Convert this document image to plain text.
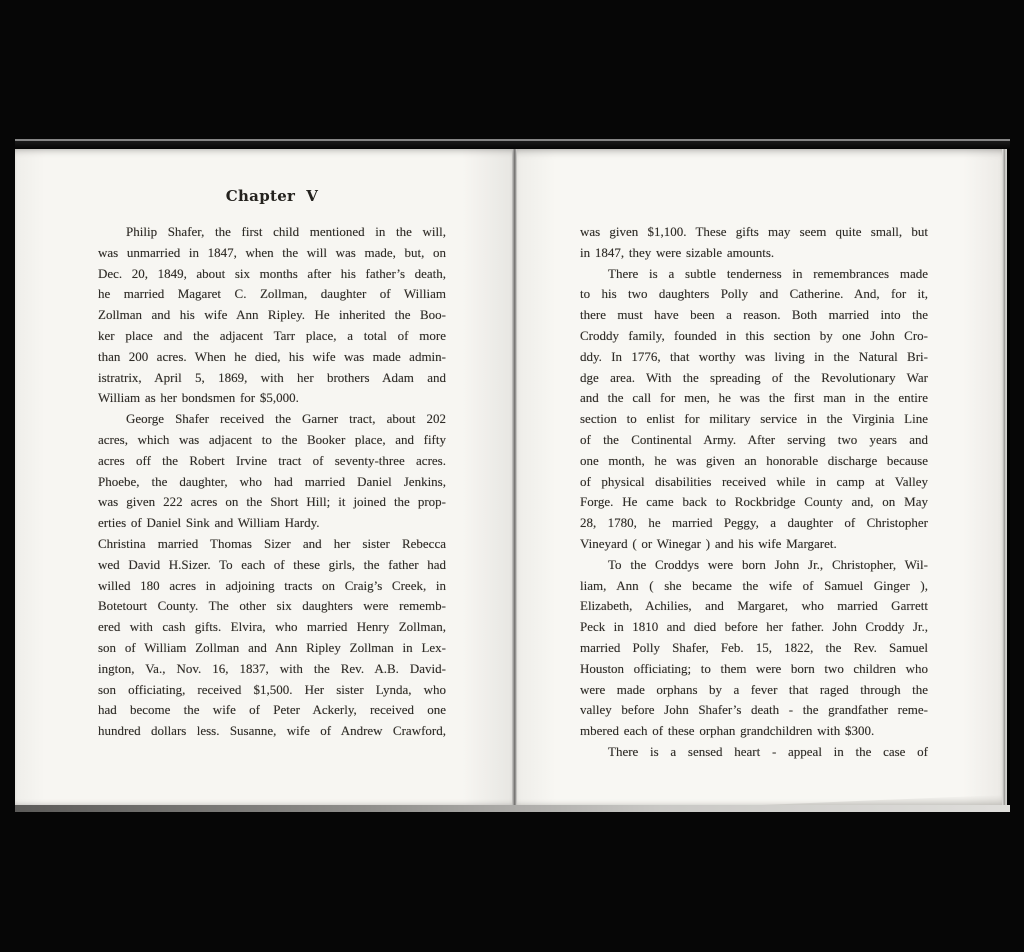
Chapter  V
Philip Shafer, the first child mentioned in the will,
was unmarried in 1847, when the will was made, but, on
Dec. 20, 1849, about six months after his father’s death,
he married Magaret C. Zollman, daughter of William
Zollman and his wife Ann Ripley. He inherited the Boo-
ker place and the adjacent Tarr place, a total of more
than 200 acres. When he died, his wife was made admin-
istratrix, April 5, 1869, with her brothers Adam and
William as her bondsmen for $5,000.
George Shafer received the Garner tract, about 202
acres, which was adjacent to the Booker place, and fifty
acres off the Robert Irvine tract of seventy-three acres.
Phoebe, the daughter, who had married Daniel Jenkins,
was given 222 acres on the Short Hill; it joined the prop-
erties of Daniel Sink and William Hardy.
Christina married Thomas Sizer and her sister Rebecca
wed David H.Sizer. To each of these girls, the father had
willed 180 acres in adjoining tracts on Craig’s Creek, in
Botetourt County. The other six daughters were rememb-
ered with cash gifts. Elvira, who married Henry Zollman,
son of William Zollman and Ann Ripley Zollman in Lex-
ington, Va., Nov. 16, 1837, with the Rev. A.B. David-
son officiating, received $1,500. Her sister Lynda, who
had become the wife of Peter Ackerly, received one
hundred dollars less. Susanne, wife of Andrew Crawford,
was given $1,100. These gifts may seem quite small, but
in 1847, they were sizable amounts.
There is a subtle tenderness in remembrances made
to his two daughters Polly and Catherine. And, for it,
there must have been a reason. Both married into the
Croddy family, founded in this section by one John Cro-
ddy. In 1776, that worthy was living in the Natural Bri-
dge area. With the spreading of the Revolutionary War
and the call for men, he was the first man in the entire
section to enlist for military service in the Virginia Line
of the Continental Army. After serving two years and
one month, he was given an honorable discharge because
of physical disabilities received while in camp at Valley
Forge. He came back to Rockbridge County and, on May
28, 1780, he married Peggy, a daughter of Christopher
Vineyard ( or Winegar ) and his wife Margaret.
To the Croddys were born John Jr., Christopher, Wil-
liam, Ann ( she became the wife of Samuel Ginger ),
Elizabeth, Achilies, and Margaret, who married Garrett
Peck in 1810 and died before her father. John Croddy Jr.,
married Polly Shafer, Feb. 15, 1822, the Rev. Samuel
Houston officiating; to them were born two children who
were made orphans by a fever that raged through the
valley before John Shafer’s death - the grandfather reme-
mbered each of these orphan grandchildren with $300.
There is a sensed heart - appeal in the case of
